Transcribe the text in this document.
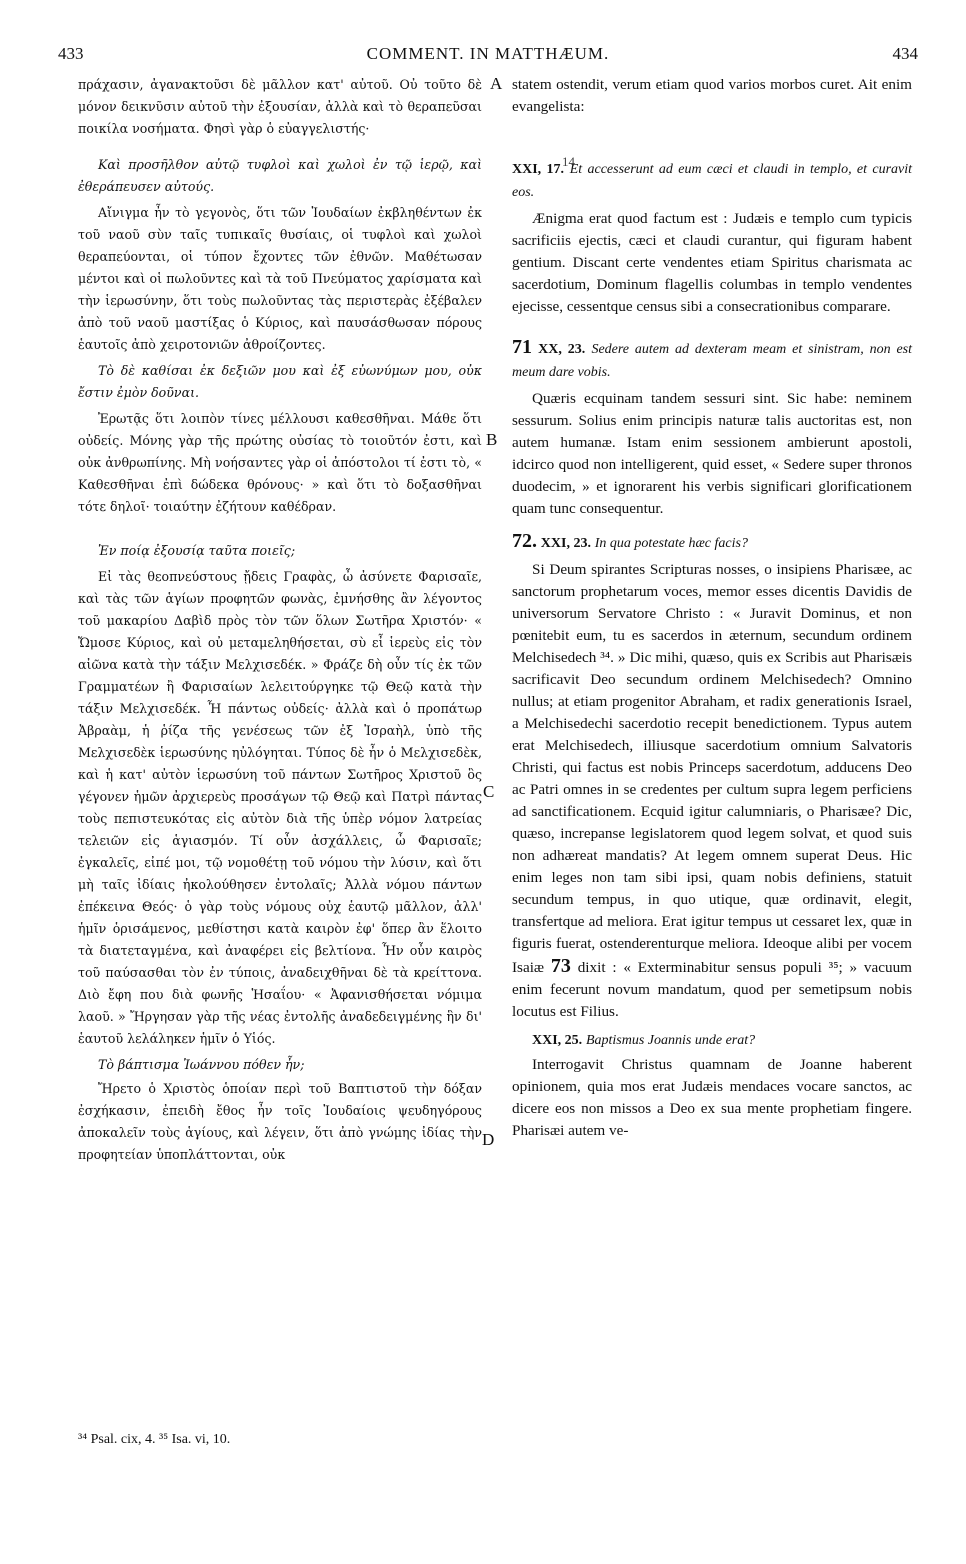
433	COMMENT. IN MATTHÆUM.	434
14
A
B
C
D

πράχασιν, ἀγανακτοῦσι δὲ μᾶλλον κατ' αὐτοῦ. Οὐ τοῦτο δὲ μόνον δεικνῦσιν αὐτοῦ τὴν ἐξουσίαν, ἀλλὰ καὶ τὸ θεραπεῦσαι ποικίλα νοσήματα. Φησὶ γὰρ ὁ εὐαγγελιστής·

Καὶ προσῆλθον αὐτῷ τυφλοὶ καὶ χωλοὶ ἐν τῷ ἱερῷ, καὶ ἐθεράπευσεν αὐτούς.

Αἴνιγμα ἦν τὸ γεγονὸς, ὅτι τῶν Ἰουδαίων ἐκβληθέντων ἐκ τοῦ ναοῦ σὺν ταῖς τυπικαῖς θυσίαις, οἱ τυφλοὶ καὶ χωλοὶ θεραπεύονται, οἱ τύπον ἔχοντες τῶν ἐθνῶν. Μαθέτωσαν μέντοι καὶ οἱ πωλοῦντες καὶ τὰ τοῦ Πνεύματος χαρίσματα καὶ τὴν ἱερωσύνην, ὅτι τοὺς πωλοῦντας τὰς περιστερὰς ἐξέβαλεν ἀπὸ τοῦ ναοῦ μαστίξας ὁ Κύριος, καὶ παυσάσθωσαν πόρους ἑαυτοῖς ἀπὸ χειροτονιῶν ἀθροίζοντες.

Τὸ δὲ καθίσαι ἐκ δεξιῶν μου καὶ ἐξ εὐωνύμων μου, οὐκ ἔστιν ἐμὸν δοῦναι.

Ἐρωτᾷς ὅτι λοιπὸν τίνες μέλλουσι καθεσθῆναι. Μάθε ὅτι οὐδείς. Μόνης γὰρ τῆς πρώτης οὐσίας τὸ τοιοῦτόν ἐστι, καὶ οὐκ ἀνθρωπίνης. Μὴ νοήσαντες γὰρ οἱ ἀπόστολοι τί ἐστι τὸ, « Καθεσθῆναι ἐπὶ δώδεκα θρόνους· » καὶ ὅτι τὸ δοξασθῆναι τότε δηλοῖ· τοιαύτην ἐζήτουν καθέδραν.

Ἐν ποίᾳ ἐξουσίᾳ ταῦτα ποιεῖς;

Εἰ τὰς θεοπνεύστους ᾔδεις Γραφὰς, ὦ ἀσύνετε Φαρισαῖε, καὶ τὰς τῶν ἁγίων προφητῶν φωνὰς, ἐμνήσθης ἂν λέγοντος τοῦ μακαρίου Δαβὶδ πρὸς τὸν τῶν ὅλων Σωτῆρα Χριστόν· « Ὤμοσε Κύριος, καὶ οὐ μεταμεληθήσεται, σὺ εἶ ἱερεὺς εἰς τὸν αἰῶνα κατὰ τὴν τάξιν Μελχισεδέκ. » Φράζε δὴ οὖν τίς ἐκ τῶν Γραμματέων ἢ Φαρισαίων λελειτούργηκε τῷ Θεῷ κατὰ τὴν τάξιν Μελχισεδέκ. Ἦ πάντως οὐδείς· ἀλλὰ καὶ ὁ προπάτωρ Ἀβραὰμ, ἡ ῥίζα τῆς γενέσεως τῶν ἐξ Ἰσραὴλ, ὑπὸ τῆς Μελχισεδὲκ ἱερωσύνης ηὐλόγηται. Τύπος δὲ ἦν ὁ Μελχισεδὲκ, καὶ ἡ κατ' αὐτὸν ἱερωσύνη τοῦ πάντων Σωτῆρος Χριστοῦ ὃς γέγονεν ἡμῶν ἀρχιερεὺς προσάγων τῷ Θεῷ καὶ Πατρὶ πάντας τοὺς πεπιστευκότας εἰς αὐτὸν διὰ τῆς ὑπὲρ νόμον λατρείας τελειῶν εἰς ἁγιασμόν. Τί οὖν ἀσχάλλεις, ὦ Φαρισαῖε; ἐγκαλεῖς, εἰπέ μοι, τῷ νομοθέτῃ τοῦ νόμου τὴν λύσιν, καὶ ὅτι μὴ ταῖς ἰδίαις ἠκολούθησεν ἐντολαῖς; Ἀλλὰ νόμου πάντων ἐπέκεινα Θεός· ὁ γὰρ τοὺς νόμους οὐχ ἑαυτῷ μᾶλλον, ἀλλ' ἡμῖν ὁρισάμενος, μεθίστησι κατὰ καιρὸν ἐφ' ὅπερ ἂν ἕλοιτο τὰ διατεταγμένα, καὶ ἀναφέρει εἰς βελτίονα. Ἦν οὖν καιρὸς τοῦ παύσασθαι τὸν ἐν τύποις, ἀναδειχθῆναι δὲ τὰ κρείττονα. Διὸ ἔφη που διὰ φωνῆς Ἡσαΐου· « Ἀφανισθήσεται νόμιμα λαοῦ. » Ἤργησαν γὰρ τῆς νέας ἐντολῆς ἀναδεδειγμένης ἣν δι' ἑαυτοῦ λελάληκεν ἡμῖν ὁ Υἱός.

Τὸ βάπτισμα Ἰωάννου πόθεν ἦν;

Ἤρετο ὁ Χριστὸς ὁποίαν περὶ τοῦ Βαπτιστοῦ τὴν δόξαν ἐσχήκασιν, ἐπειδὴ ἔθος ἦν τοῖς Ἰουδαίοις ψευδηγόρους ἀποκαλεῖν τοὺς ἁγίους, καὶ λέγειν, ὅτι ἀπὸ γνώμης ἰδίας τὴν προφητείαν ὑποπλάττονται, οὐκ

statem ostendit, verum etiam quod varios morbos curet. Ait enim evangelista:

XXI, 17. Et accesserunt ad eum cæci et claudi in templo, et curavit eos.

Ænigma erat quod factum est : Judæis e templo cum typicis sacrificiis ejectis, cæci et claudi curantur, qui figuram habent gentium. Discant certe vendentes etiam Spiritus charismata ac sacerdotium, Dominum flagellis columbas in templo vendentes ejecisse, cessentque census sibi a consecrationibus comparare.

71 XX, 23. Sedere autem ad dexteram meam et sinistram, non est meum dare vobis.

Quæris ecquinam tandem sessuri sint. Sic habe: neminem sessurum. Solius enim principis naturæ talis auctoritas est, non autem humanæ. Istam enim sessionem ambierunt apostoli, idcirco quod non intelligerent, quid esset, « Sedere super thronos duodecim, » et ignorarent his verbis significari glorificationem quam tunc consequentur.

72. XXI, 23. In qua potestate hæc facis?

Si Deum spirantes Scripturas nosses, o insipiens Pharisæe, ac sanctorum prophetarum voces, memor esses dicentis Davidis de universorum Servatore Christo : « Juravit Dominus, et non pœnitebit eum, tu es sacerdos in æternum, secundum ordinem Melchisedech ³⁴. » Dic mihi, quæso, quis ex Scribis aut Pharisæis sacrificavit Deo secundum ordinem Melchisedech? Omnino nullus; at etiam progenitor Abraham, et radix generationis Israel, a Melchisedechi sacerdotio recepit benedictionem. Typus autem erat Melchisedech, illiusque sacerdotium omnium Salvatoris Christi, qui factus est nobis Princeps sacerdotum, adducens Deo ac Patri omnes in se credentes per cultum supra legem perficiens ad sanctificationem. Ecquid igitur calumniaris, o Pharisæe? Dic, quæso, increpanse legislatorem quod legem solvat, et quod suis non adhæreat mandatis? At legem omnem superat Deus. Hic enim leges non tam sibi ipsi, quam nobis definiens, statuit secundum tempus, in quo utique, quæ ordinavit, elegit, transfertque ad meliora. Erat igitur tempus ut cessaret lex, quæ in figuris fuerat, ostenderenturque meliora. Ideoque alibi per vocem Isaiæ 73 dixit : « Exterminabitur sensus populi ³⁵; » vacuum enim fecerunt novum mandatum, quod per semetipsum nobis locutus est Filius.

XXI, 25. Baptismus Joannis unde erat?

Interrogavit Christus quamnam de Joanne haberent opinionem, quia mos erat Judæis mendaces vocare sanctos, ac dicere eos non missos a Deo ex sua mente prophetiam fingere. Pharisæi autem ve-

³⁴ Psal. cix, 4. ³⁵ Isa. vi, 10.
